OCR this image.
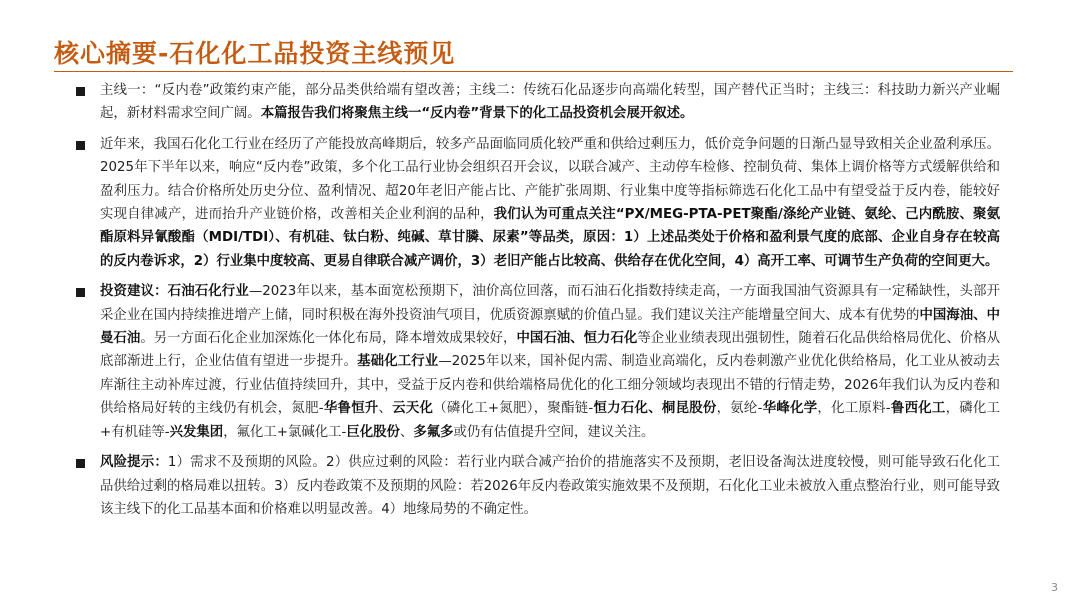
核心摘要-石化化工品投资主线预见
主线一：“反内卷”政策约束产能，部分品类供给端有望改善；主线二：传统石化品逐步向高端化转型，国产替代正当时；主线三：科技助力新兴产业崛起，新材料需求空间广阔。本篇报告我们将聚焦主线一“反内卷”背景下的化工品投资机会展开叙述。
近年来，我国石化化工行业在经历了产能投放高峰期后，较多产品面临同质化较严重和供给过剩压力，低价竞争问题的日渐凸显导致相关企业盈利承压。2025年下半年以来，响应“反内卷”政策，多个化工品行业协会组织召开会议，以联合减产、主动停车检修、控制负荷、集体上调价格等方式缓解供给和盈利压力。结合价格所处历史分位、盈利情况、超20年老旧产能占比、产能扩张周期、行业集中度等指标筛选石化化工品中有望受益于反内卷，能较好实现自律减产，进而抬升产业链价格，改善相关企业利润的品种，我们认为可重点关注“PX/MEG-PTA-PET聚酯/涤纶产业链、氨纶、己内酰胺、聚氨酯原料异氰酸酯（MDI/TDI）、有机硅、钛白粉、纯碱、草甘膦、尿素”等品类，原因：1）上述品类处于价格和盈利景气度的底部、企业自身存在较高的反内卷诉求，2）行业集中度较高、更易自律联合减产调价，3）老旧产能占比较高、供给存在优化空间，4）高开工率、可调节生产负荷的空间更大。
投资建议：石油石化行业—2023年以来，基本面宽松预期下，油价高位回落，而石油石化指数持续走高，一方面我国油气资源具有一定稀缺性，头部开采企业在国内持续推进增产上储，同时积极在海外投资油气项目，优质资源禀赋的价值凸显。我们建议关注产能增量空间大、成本有优势的中国海油、中曼石油。另一方面石化企业加深炼化一体化布局，降本增效成果较好，中国石油、恒力石化等企业业绩表现出强韧性，随着石化品供给格局优化、价格从底部渐进上行，企业估值有望进一步提升。基础化工行业—2025年以来，国补促内需、制造业高端化，反内卷刺激产业优化供给格局，化工业从被动去库渐往主动补库过渡，行业估值持续回升，其中，受益于反内卷和供给端格局优化的化工细分领域均表现出不错的行情走势，2026年我们认为反内卷和供给格局好转的主线仍有机会，氮肥-华鲁恒升、云天化（磷化工+氮肥），聚酯链-恒力石化、桐昆股份，氨纶-华峰化学，化工原料-鲁西化工，磷化工+有机硅等-兴发集团，氟化工+氯碱化工-巨化股份、多氟多或仍有估值提升空间，建议关注。
风险提示：1）需求不及预期的风险。2）供应过剩的风险：若行业内联合减产抬价的措施落实不及预期，老旧设备淘汰进度较慢，则可能导致石化化工品供给过剩的格局难以扭转。3）反内卷政策不及预期的风险：若2026年反内卷政策实施效果不及预期，石化化工业未被放入重点整治行业，则可能导致该主线下的化工品基本面和价格难以明显改善。4）地缘局势的不确定性。
3
